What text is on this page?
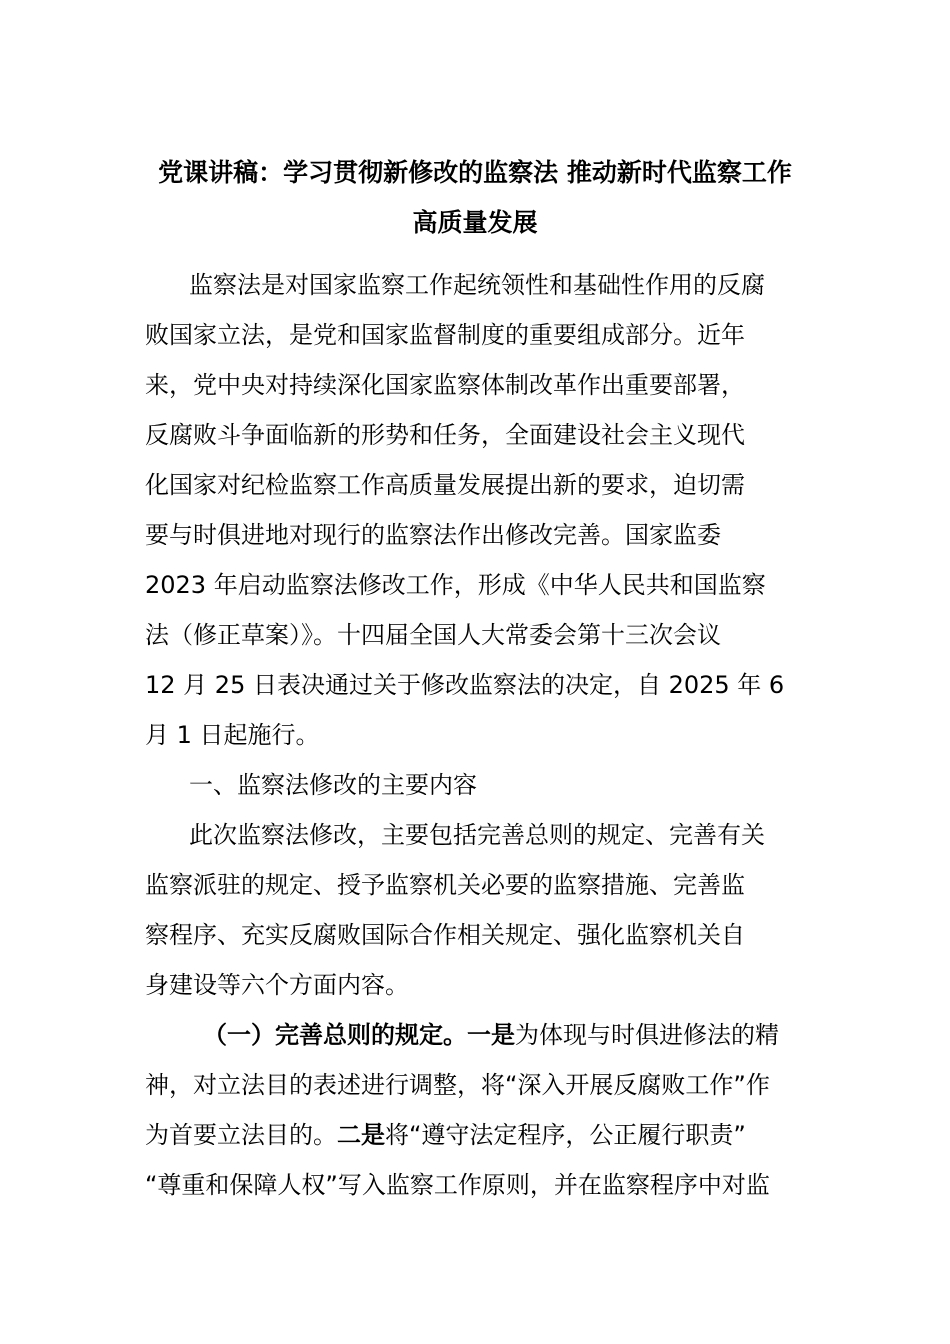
党课讲稿：学习贯彻新修改的监察法 推动新时代监察工作
高质量发展
监察法是对国家监察工作起统领性和基础性作用的反腐
败国家立法，是党和国家监督制度的重要组成部分。近年
来，党中央对持续深化国家监察体制改革作出重要部署，
反腐败斗争面临新的形势和任务，全面建设社会主义现代
化国家对纪检监察工作高质量发展提出新的要求，迫切需
要与时俱进地对现行的监察法作出修改完善。国家监委
2023 年启动监察法修改工作，形成《中华人民共和国监察
法（修正草案）》。十四届全国人大常委会第十三次会议
12 月 25 日表决通过关于修改监察法的决定，自 2025 年 6
月 1 日起施行。
一、监察法修改的主要内容
此次监察法修改，主要包括完善总则的规定、完善有关
监察派驻的规定、授予监察机关必要的监察措施、完善监
察程序、充实反腐败国际合作相关规定、强化监察机关自
身建设等六个方面内容。
（一）完善总则的规定。一是为体现与时俱进修法的精
神，对立法目的表述进行调整，将“深入开展反腐败工作”作
为首要立法目的。二是将“遵守法定程序，公正履行职责”
“尊重和保障人权”写入监察工作原则，并在监察程序中对监
